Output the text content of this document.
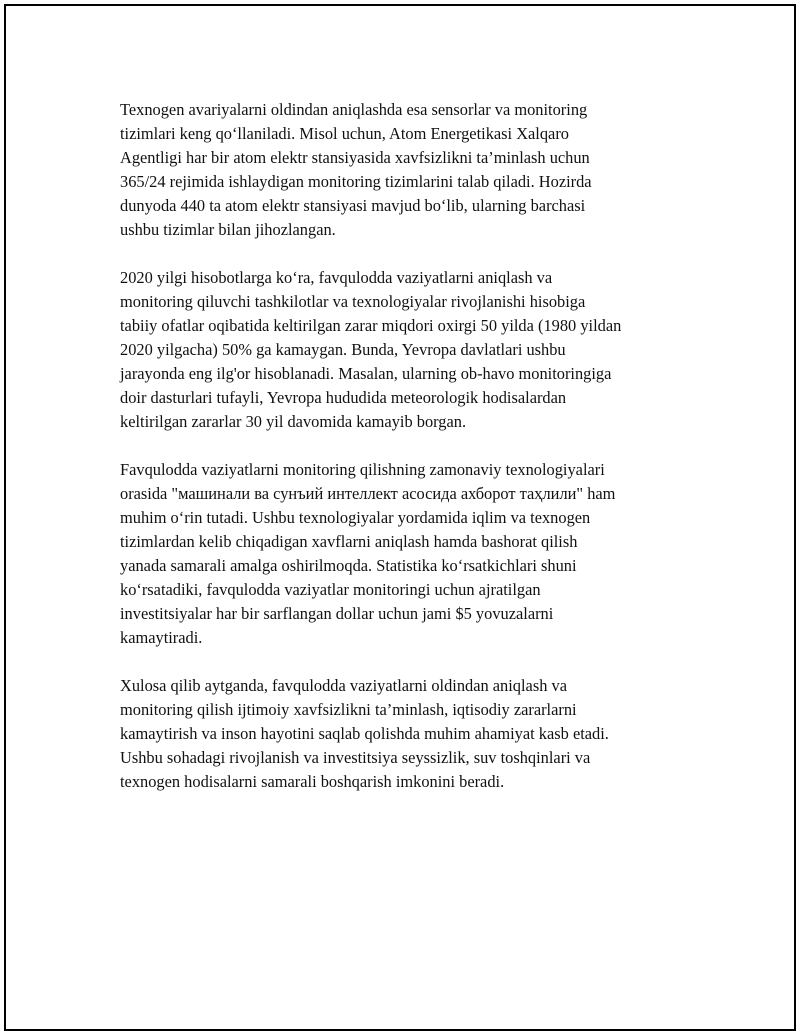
Texnogen avariyalarni oldindan aniqlashda esa sensorlar va monitoring
tizimlari keng qo‘llaniladi. Misol uchun, Atom Energetikasi Xalqaro
Agentligi har bir atom elektr stansiyasida xavfsizlikni ta’minlash uchun
365/24 rejimida ishlaydigan monitoring tizimlarini talab qiladi. Hozirda
dunyoda 440 ta atom elektr stansiyasi mavjud bo‘lib, ularning barchasi
ushbu tizimlar bilan jihozlangan.

2020 yilgi hisobotlarga ko‘ra, favqulodda vaziyatlarni aniqlash va
monitoring qiluvchi tashkilotlar va texnologiyalar rivojlanishi hisobiga
tabiiy ofatlar oqibatida keltirilgan zarar miqdori oxirgi 50 yilda (1980 yildan
2020 yilgacha) 50% ga kamaygan. Bunda, Yevropa davlatlari ushbu
jarayonda eng ilg'or hisoblanadi. Masalan, ularning ob-havo monitoringiga
doir dasturlari tufayli, Yevropa hududida meteorologik hodisalardan
keltirilgan zararlar 30 yil davomida kamayib borgan.

Favqulodda vaziyatlarni monitoring qilishning zamonaviy texnologiyalari
orasida "машинали ва сунъий интеллект асосида ахборот таҳлили" ham
muhim o‘rin tutadi. Ushbu texnologiyalar yordamida iqlim va texnogen
tizimlardan kelib chiqadigan xavflarni aniqlash hamda bashorat qilish
yanada samarali amalga oshirilmoqda. Statistika ko‘rsatkichlari shuni
ko‘rsatadiki, favqulodda vaziyatlar monitoringi uchun ajratilgan
investitsiyalar har bir sarflangan dollar uchun jami $5 yovuzalarni
kamaytiradi.

Xulosa qilib aytganda, favqulodda vaziyatlarni oldindan aniqlash va
monitoring qilish ijtimoiy xavfsizlikni ta’minlash, iqtisodiy zararlarni
kamaytirish va inson hayotini saqlab qolishda muhim ahamiyat kasb etadi.
Ushbu sohadagi rivojlanish va investitsiya seyssizlik, suv toshqinlari va
texnogen hodisalarni samarali boshqarish imkonini beradi.
